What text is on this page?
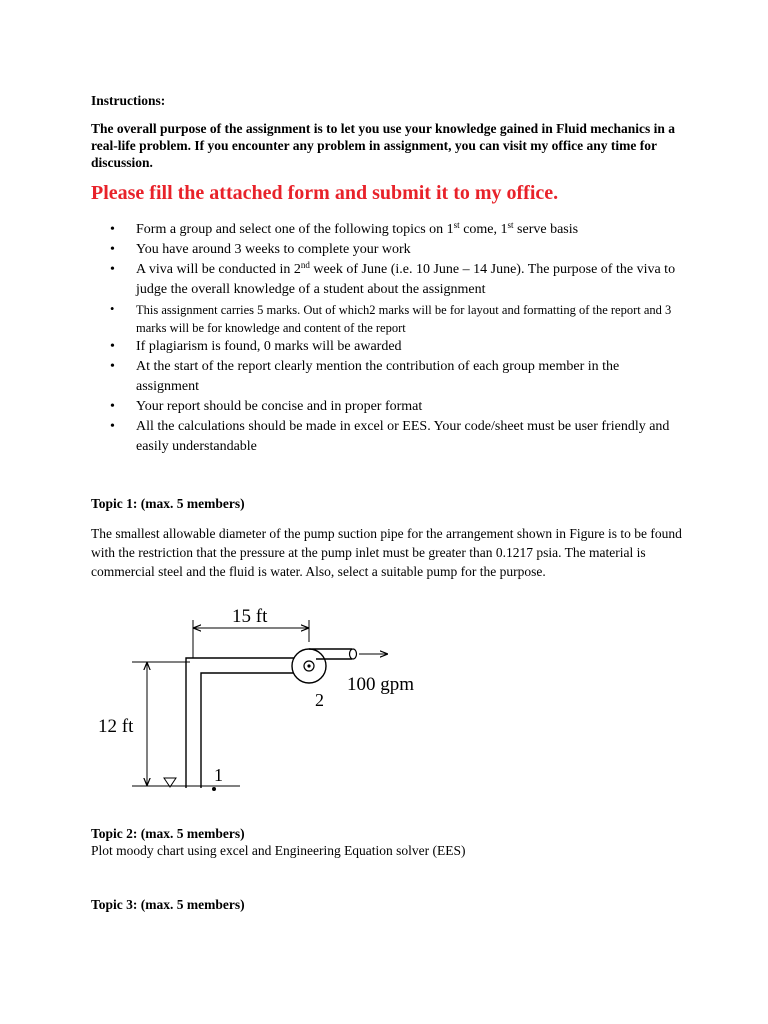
Instructions:
The overall purpose of the assignment is to let you use your knowledge gained in Fluid mechanics in a real-life problem. If you encounter any problem in assignment, you can visit my office any time for discussion.
Please fill the attached form and submit it to my office.
• Form a group and select one of the following topics on 1st come, 1st serve basis
• You have around 3 weeks to complete your work
• A viva will be conducted in 2nd week of June (i.e. 10 June – 14 June). The purpose of the viva to judge the overall knowledge of a student about the assignment
• This assignment carries 5 marks. Out of which2 marks will be for layout and formatting of the report and 3 marks will be for knowledge and content of the report
• If plagiarism is found, 0 marks will be awarded
• At the start of the report clearly mention the contribution of each group member in the assignment
• Your report should be concise and in proper format
• All the calculations should be made in excel or EES. Your code/sheet must be user friendly and easily understandable
Topic 1: (max. 5 members)
The smallest allowable diameter of the pump suction pipe for the arrangement shown in Figure is to be found with the restriction that the pressure at the pump inlet must be greater than 0.1217 psia. The material is commercial steel and the fluid is water. Also, select a suitable pump for the purpose.
15 ft
12 ft
1
100 gpm
2
Topic 2: (max. 5 members)
Plot moody chart using excel and Engineering Equation solver (EES)
Topic 3: (max. 5 members)
